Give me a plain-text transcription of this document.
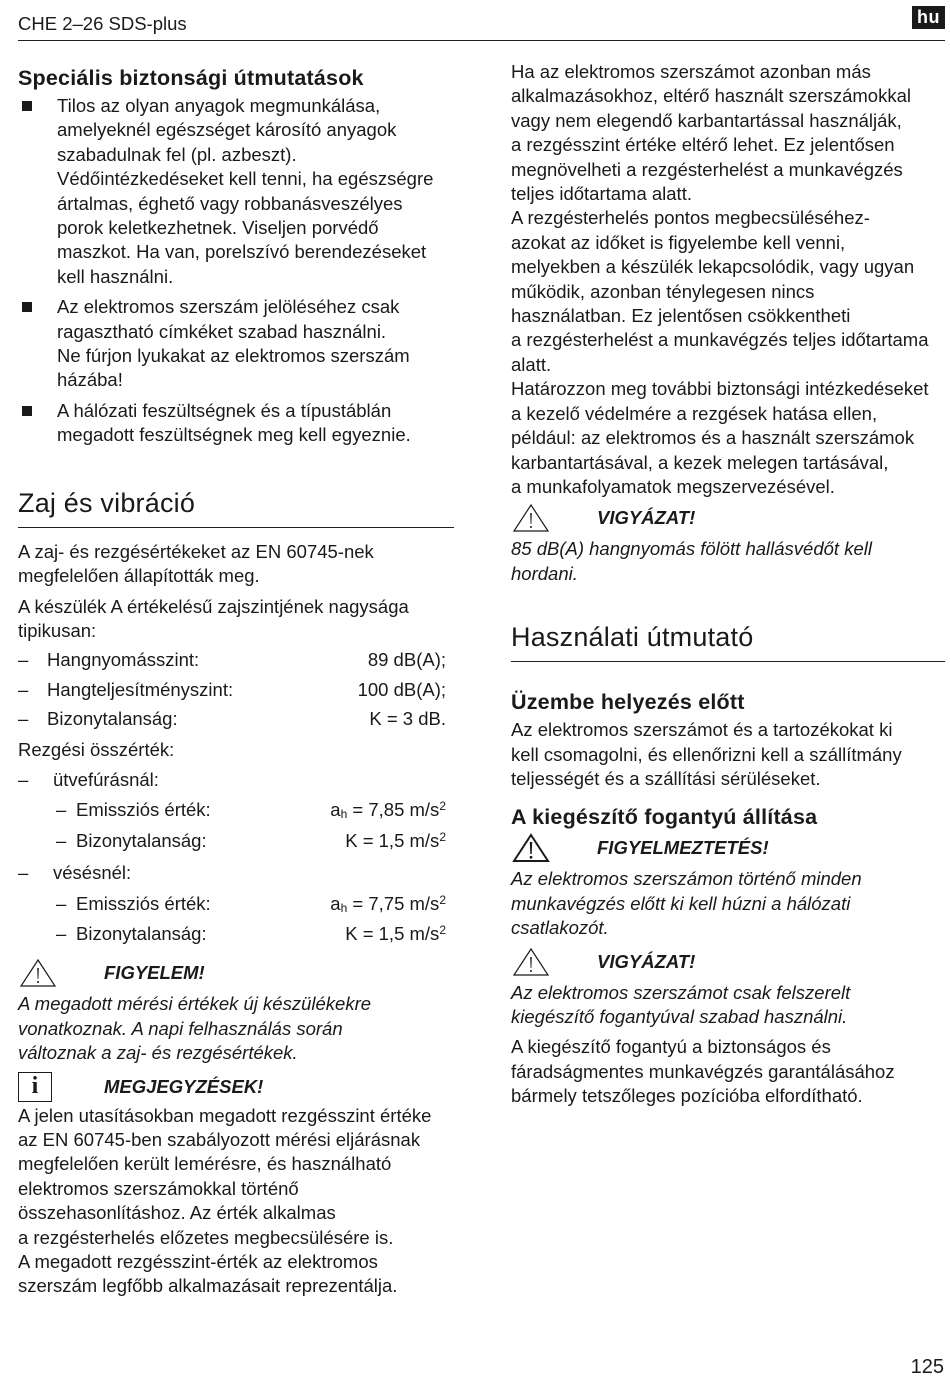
CHE 2–26 SDS-plus	hu
Speciális biztonsági útmutatások
Tilos az olyan anyagok megmunkálása,
amelyeknél egészséget károsító anyagok
szabadulnak fel (pl. azbeszt).
Védőintézkedéseket kell tenni, ha egészségre
ártalmas, éghető vagy robbanásveszélyes
porok keletkezhetnek. Viseljen porvédő
maszkot. Ha van, porelszívó berendezéseket
kell használni.
Az elektromos szerszám jelöléséhez csak
ragasztható címkéket szabad használni.
Ne fúrjon lyukakat az elektromos szerszám
házába!
A hálózati feszültségnek és a típustáblán
megadott feszültségnek meg kell egyeznie.
Zaj és vibráció
A zaj- és rezgésértékeket az EN 60745-nek
megfelelően állapították meg.
A készülék A értékelésű zajszintjének nagysága
tipikusan:
–	Hangnyomásszint:	89 dB(A);
–	Hangteljesítményszint:	100 dB(A);
–	Bizonytalanság:	K = 3 dB.
Rezgési összérték:
–	ütvefúrásnál:
– Emissziós érték:	$a_h = 7,85$ $m/s^2$
– Bizonytalanság:	K = 1,5 $m/s^2$
–	vésésnél:
– Emissziós érték:	$a_h = 7,75$ $m/s^2$
– Bizonytalanság:	K = 1,5 $m/s^2$
FIGYELEM!
A megadott mérési értékek új készülékekre
vonatkoznak. A napi felhasználás során
változnak a zaj- és rezgésértékek.
i	MEGJEGYZÉSEK!
A jelen utasításokban megadott rezgésszint értéke
az EN 60745-ben szabályozott mérési eljárásnak
megfelelően került lemérésre, és használható
elektromos szerszámokkal történő
összehasonlításhoz. Az érték alkalmas
a rezgésterhelés előzetes megbecsülésére is.
A megadott rezgésszint-érték az elektromos
szerszám legfőbb alkalmazásait reprezentálja.
Ha az elektromos szerszámot azonban más
alkalmazásokhoz, eltérő használt szerszámokkal
vagy nem elegendő karbantartással használják,
a rezgésszint értéke eltérő lehet. Ez jelentősen
megnövelheti a rezgésterhelést a munkavégzés
teljes időtartama alatt.
A rezgésterhelés pontos megbecsüléséhez-
azokat az időket is figyelembe kell venni,
melyekben a készülék lekapcsolódik, vagy ugyan
működik, azonban ténylegesen nincs
használatban. Ez jelentősen csökkentheti
a rezgésterhelést a munkavégzés teljes időtartama
alatt.
Határozzon meg további biztonsági intézkedéseket
a kezelő védelmére a rezgések hatása ellen,
például: az elektromos és a használt szerszámok
karbantartásával, a kezek melegen tartásával,
a munkafolyamatok megszervezésével.
VIGYÁZAT!
85 dB(A) hangnyomás fölött hallásvédőt kell
hordani.
Használati útmutató
Üzembe helyezés előtt
Az elektromos szerszámot és a tartozékokat ki
kell csomagolni, és ellenőrizni kell a szállítmány
teljességét és a szállítási sérüléseket.
A kiegészítő fogantyú állítása
FIGYELMEZTETÉS!
Az elektromos szerszámon történő minden
munkavégzés előtt ki kell húzni a hálózati
csatlakozót.
VIGYÁZAT!
Az elektromos szerszámot csak felszerelt
kiegészítő fogantyúval szabad használni.
A kiegészítő fogantyú a biztonságos és
fáradságmentes munkavégzés garantálásához
bármely tetszőleges pozícióba elfordítható.
125
